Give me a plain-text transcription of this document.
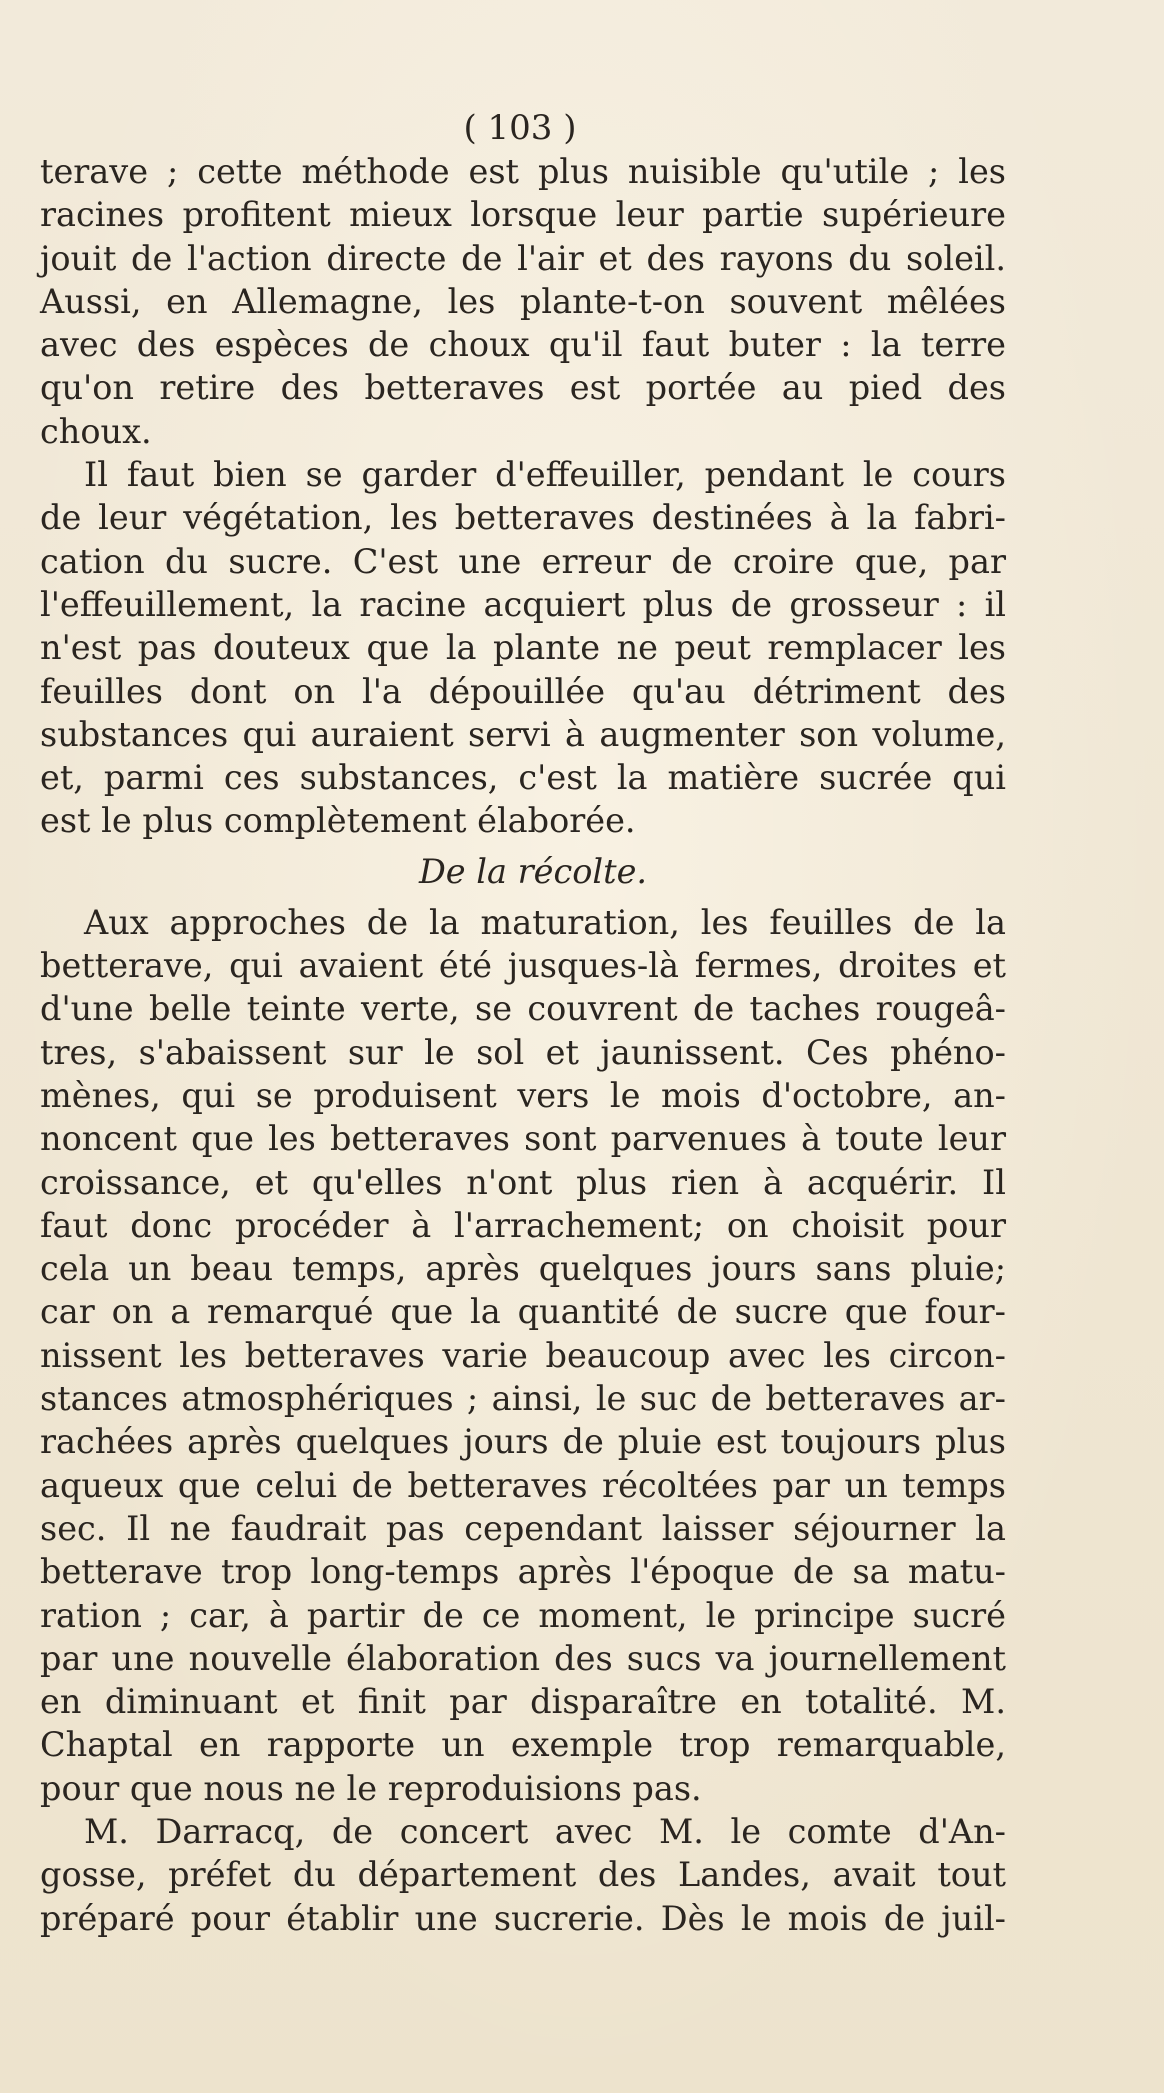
( 103 )
terave ; cette méthode est plus nuisible qu'utile ; les
racines profitent mieux lorsque leur partie supérieure
jouit de l'action directe de l'air et des rayons du soleil.
Aussi, en Allemagne, les plante-t-on souvent mêlées
avec des espèces de choux qu'il faut buter : la terre
qu'on retire des betteraves est portée au pied des
choux.
Il faut bien se garder d'effeuiller, pendant le cours
de leur végétation, les betteraves destinées à la fabri-
cation du sucre. C'est une erreur de croire que, par
l'effeuillement, la racine acquiert plus de grosseur : il
n'est pas douteux que la plante ne peut remplacer les
feuilles dont on l'a dépouillée qu'au détriment des
substances qui auraient servi à augmenter son volume,
et, parmi ces substances, c'est la matière sucrée qui
est le plus complètement élaborée.
De la récolte.
Aux approches de la maturation, les feuilles de la
betterave, qui avaient été jusques-là fermes, droites et
d'une belle teinte verte, se couvrent de taches rougeâ-
tres, s'abaissent sur le sol et jaunissent. Ces phéno-
mènes, qui se produisent vers le mois d'octobre, an-
noncent que les betteraves sont parvenues à toute leur
croissance, et qu'elles n'ont plus rien à acquérir. Il
faut donc procéder à l'arrachement; on choisit pour
cela un beau temps, après quelques jours sans pluie;
car on a remarqué que la quantité de sucre que four-
nissent les betteraves varie beaucoup avec les circon-
stances atmosphériques ; ainsi, le suc de betteraves ar-
rachées après quelques jours de pluie est toujours plus
aqueux que celui de betteraves récoltées par un temps
sec. Il ne faudrait pas cependant laisser séjourner la
betterave trop long-temps après l'époque de sa matu-
ration ; car, à partir de ce moment, le principe sucré
par une nouvelle élaboration des sucs va journellement
en diminuant et finit par disparaître en totalité. M.
Chaptal en rapporte un exemple trop remarquable,
pour que nous ne le reproduisions pas.
M. Darracq, de concert avec M. le comte d'An-
gosse, préfet du département des Landes, avait tout
préparé pour établir une sucrerie. Dès le mois de juil-
